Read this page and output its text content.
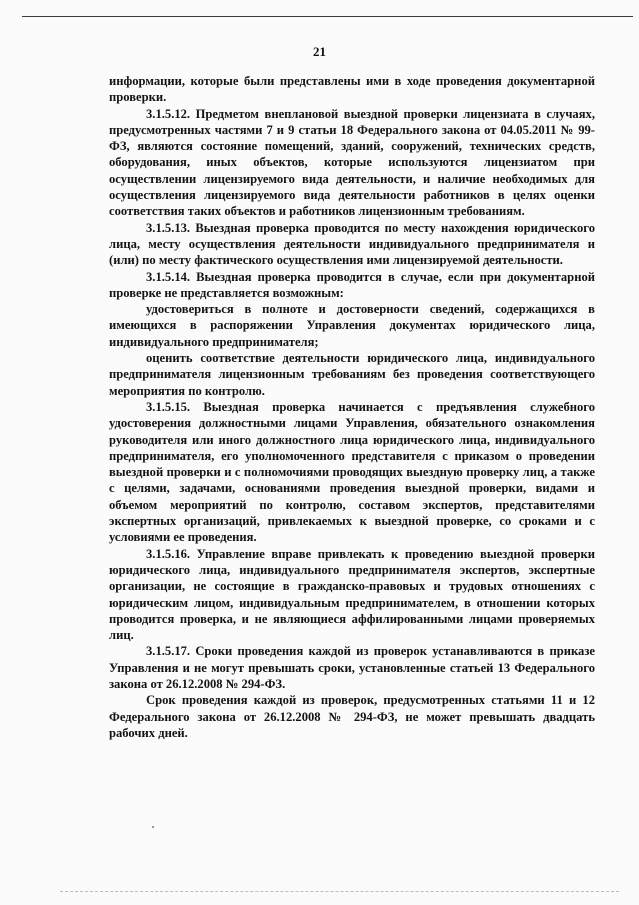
21

информации, которые были представлены ими в ходе проведения документарной проверки.

3.1.5.12. Предметом внеплановой выездной проверки лицензиата в случаях, предусмотренных частями 7 и 9 статьи 18 Федерального закона от 04.05.2011 № 99-ФЗ, являются состояние помещений, зданий, сооружений, технических средств, оборудования, иных объектов, которые используются лицензиатом при осуществлении лицензируемого вида деятельности, и наличие необходимых для осуществления лицензируемого вида деятельности работников в целях оценки соответствия таких объектов и работников лицензионным требованиям.

3.1.5.13. Выездная проверка проводится по месту нахождения юридического лица, месту осуществления деятельности индивидуального предпринимателя и (или) по месту фактического осуществления ими лицензируемой деятельности.

3.1.5.14. Выездная проверка проводится в случае, если при документарной проверке не представляется возможным:

удостовериться в полноте и достоверности сведений, содержащихся в имеющихся в распоряжении Управления документах юридического лица, индивидуального предпринимателя;

оценить соответствие деятельности юридического лица, индивидуального предпринимателя лицензионным требованиям без проведения соответствующего мероприятия по контролю.

3.1.5.15. Выездная проверка начинается с предъявления служебного удостоверения должностными лицами Управления, обязательного ознакомления руководителя или иного должностного лица юридического лица, индивидуального предпринимателя, его уполномоченного представителя с приказом о проведении выездной проверки и с полномочиями проводящих выездную проверку лиц, а также с целями, задачами, основаниями проведения выездной проверки, видами и объемом мероприятий по контролю, составом экспертов, представителями экспертных организаций, привлекаемых к выездной проверке, со сроками и с условиями ее проведения.

3.1.5.16. Управление вправе привлекать к проведению выездной проверки юридического лица, индивидуального предпринимателя экспертов, экспертные организации, не состоящие в гражданско-правовых и трудовых отношениях с юридическим лицом, индивидуальным предпринимателем, в отношении которых проводится проверка, и не являющиеся аффилированными лицами проверяемых лиц.

3.1.5.17. Сроки проведения каждой из проверок устанавливаются в приказе Управления и не могут превышать сроки, установленные статьей 13 Федерального закона от 26.12.2008 № 294-ФЗ.

Срок проведения каждой из проверок, предусмотренных статьями 11 и 12 Федерального закона от 26.12.2008 № 294-ФЗ, не может превышать двадцать рабочих дней.
